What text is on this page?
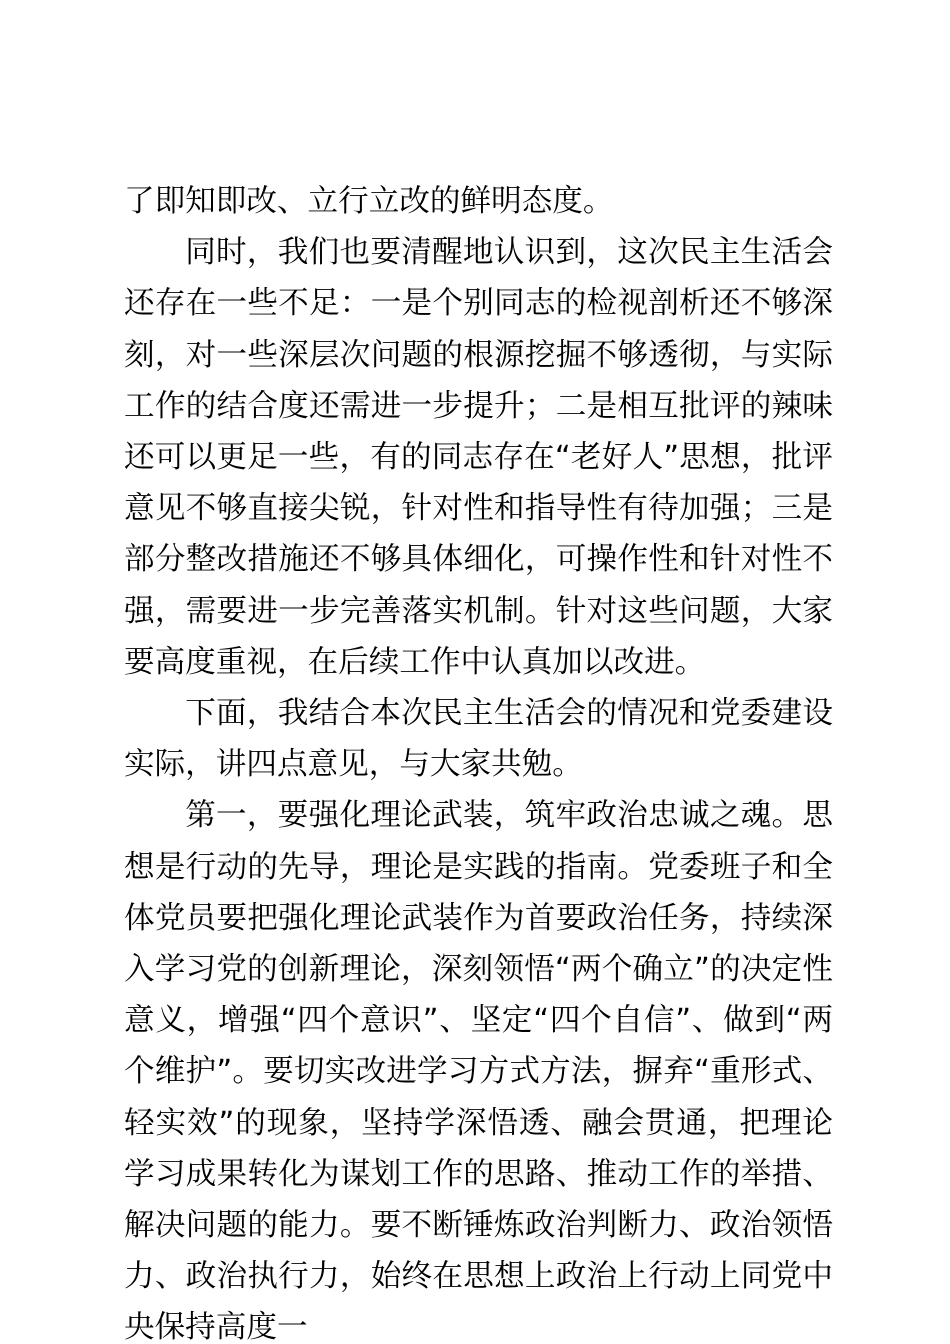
了即知即改、立行立改的鲜明态度。

同时，我们也要清醒地认识到，这次民主生活会还存在一些不足：一是个别同志的检视剖析还不够深刻，对一些深层次问题的根源挖掘不够透彻，与实际工作的结合度还需进一步提升；二是相互批评的辣味还可以更足一些，有的同志存在“老好人”思想，批评意见不够直接尖锐，针对性和指导性有待加强；三是部分整改措施还不够具体细化，可操作性和针对性不强，需要进一步完善落实机制。针对这些问题，大家要高度重视，在后续工作中认真加以改进。

下面，我结合本次民主生活会的情况和党委建设实际，讲四点意见，与大家共勉。

第一，要强化理论武装，筑牢政治忠诚之魂。思想是行动的先导，理论是实践的指南。党委班子和全体党员要把强化理论武装作为首要政治任务，持续深入学习党的创新理论，深刻领悟“两个确立”的决定性意义，增强“四个意识”、坚定“四个自信”、做到“两个维护”。要切实改进学习方式方法，摒弃“重形式、轻实效”的现象，坚持学深悟透、融会贯通，把理论学习成果转化为谋划工作的思路、推动工作的举措、解决问题的能力。要不断锤炼政治判断力、政治领悟力、政治执行力，始终在思想上政治上行动上同党中央保持高度一
